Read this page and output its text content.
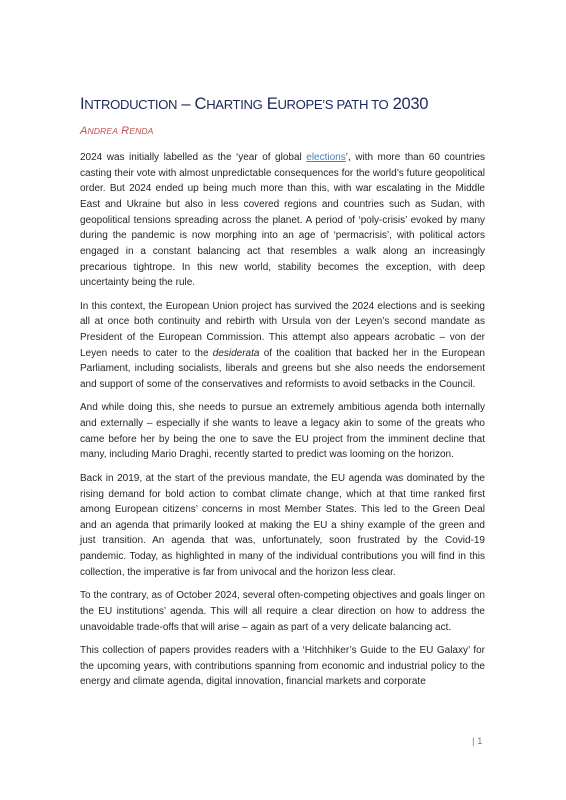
INTRODUCTION – CHARTING EUROPE’S PATH TO 2030

ANDREA RENDA

2024 was initially labelled as the ‘year of global elections’, with more than 60 countries casting their vote with almost unpredictable consequences for the world’s future geopolitical order. But 2024 ended up being much more than this, with war escalating in the Middle East and Ukraine but also in less covered regions and countries such as Sudan, with geopolitical tensions spreading across the planet. A period of ‘poly-crisis’ evoked by many during the pandemic is now morphing into an age of ‘permacrisis’, with political actors engaged in a constant balancing act that resembles a walk along an increasingly precarious tightrope. In this new world, stability becomes the exception, with deep uncertainty being the rule.

In this context, the European Union project has survived the 2024 elections and is seeking all at once both continuity and rebirth with Ursula von der Leyen’s second mandate as President of the European Commission. This attempt also appears acrobatic – von der Leyen needs to cater to the desiderata of the coalition that backed her in the European Parliament, including socialists, liberals and greens but she also needs the endorsement and support of some of the conservatives and reformists to avoid setbacks in the Council.

And while doing this, she needs to pursue an extremely ambitious agenda both internally and externally – especially if she wants to leave a legacy akin to some of the greats who came before her by being the one to save the EU project from the imminent decline that many, including Mario Draghi, recently started to predict was looming on the horizon.

Back in 2019, at the start of the previous mandate, the EU agenda was dominated by the rising demand for bold action to combat climate change, which at that time ranked first among European citizens’ concerns in most Member States. This led to the Green Deal and an agenda that primarily looked at making the EU a shiny example of the green and just transition. An agenda that was, unfortunately, soon frustrated by the Covid-19 pandemic. Today, as highlighted in many of the individual contributions you will find in this collection, the imperative is far from univocal and the horizon less clear.

To the contrary, as of October 2024, several often-competing objectives and goals linger on the EU institutions’ agenda. This will all require a clear direction on how to address the unavoidable trade-offs that will arise – again as part of a very delicate balancing act.

This collection of papers provides readers with a ‘Hitchhiker’s Guide to the EU Galaxy’ for the upcoming years, with contributions spanning from economic and industrial policy to the energy and climate agenda, digital innovation, financial markets and corporate

| 1
